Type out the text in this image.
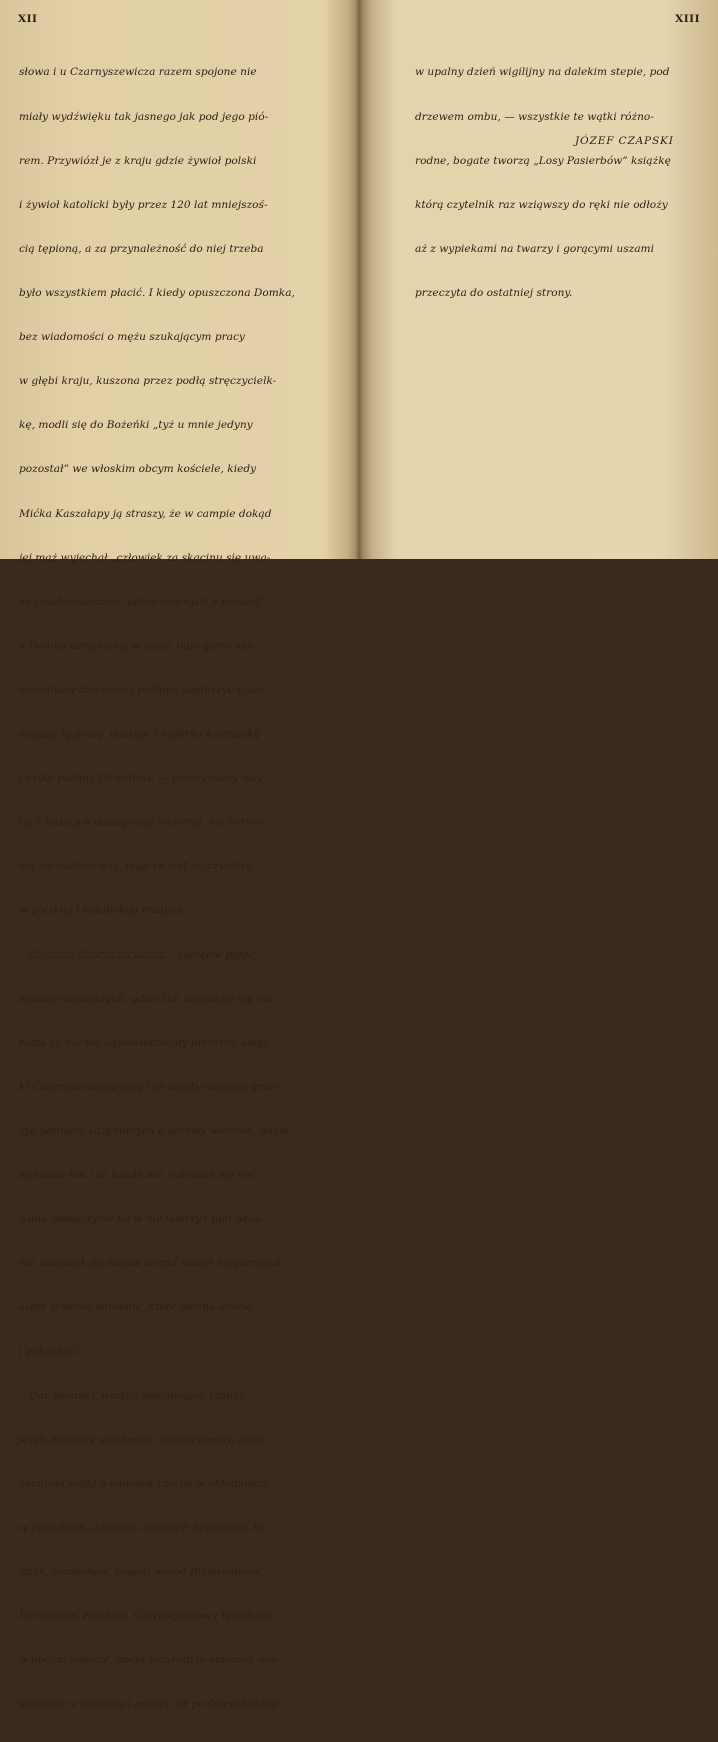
XII

słowa i u Czarnyszewicza razem spojone nie

miały wydźwięku tak jasnego jak pod jego pió-

rem. Przywiózł je z kraju gdzie żywioł polski

i żywioł katolicki były przez 120 lat mniejszoś-

cią tępioną, a za przynależność do niej trzeba

było wszystkiem płacić. I kiedy opuszczona Domka,

bez wiadomości o mężu szukającym pracy

w głębi kraju, kuszona przez podłą stręczycielk-

kę, modli się do Bożeńki „tyż u mnie jedyny

pozostał” we włoskim obcym kościele, kiedy

Mićka Kaszałapy ją straszy, że w campie dokąd

jej mąż wyjechał „człowiek za skacinu się uwa-

ża i niebezpiecznie, pełno czarnych z nożami”

a Domka zamyka się w izbie, daje garść sło-

necznikow dzieciom i próbuje zagłuszyć ogar-

niającą ją grozę, dostaje z kuferka kantyczkę

i czyta psalmy Dawidowe — przeżywamy losy

tych ludzi jak dalszy ciąg srebrnej, nie zerwa-

nej od wieków nici, tego co jest najczystsze

w polskiej i katolickiej tradycji.

Czytając Czarnyszewicza, \/zamęcie pojęć,

zawsze względnych, gdzie tak wygodnie się roz-

rasta za nic nie odpowiedzialny nihilizm, książ-

ki Czarnyszewicza dają ten czysty diament prze-

żyć pełnych, zazębionych o sprawy wieczne, gdzie

za każde tak i za każde nie, człowiek się nie

waha oddać życie bo w nie wierzy i taki właś-

nie stosunek do świata wśród nawet najgorszych

klęsk stwarza istnienie, które można uczcić

i pokochać.

Dar pisarski, wartka pasjonująca fabuła,

język dosadny, swobodny, zróżnicowany, opisy

okrutnej walki o kawałek chleba w chłodniach,

w fabrykach, dalekich campach Argentyny, bi-

jatyk, zamachów, pogoni wśród Białorusinów,

Ukraińców, Polaków, Czarnogórców i Włochów,

w obcym świecie, obcej przyrodzie opisanej wie-

lokrotnie z prostotą i poezją, aż po śpiew kolędy,

XIII

w upalny dzień wigilijny na dalekim stepie, pod

drzewem ombu, — wszystkie te wątki różno-

rodne, bogate tworzą „Losy Pasierbów” książkę

którą czytelnik raz wziąwszy do ręki nie odłoży

aż z wypiekami na twarzy i gorącymi uszami

przeczyta do ostatniej strony.

JÓZEF CZAPSKI
